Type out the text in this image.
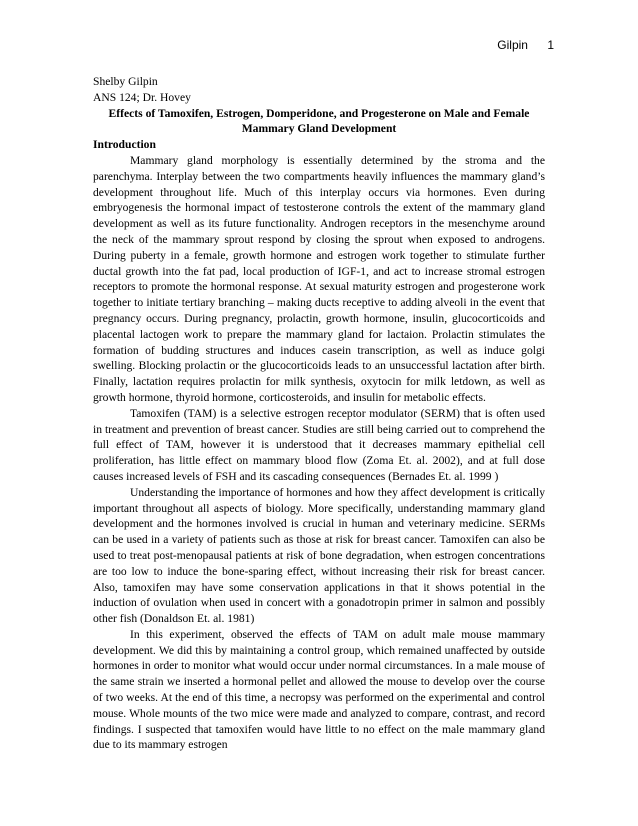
Gilpin 1
Shelby Gilpin
ANS 124; Dr. Hovey
Effects of Tamoxifen, Estrogen, Domperidone, and Progesterone on Male and Female Mammary Gland Development
Introduction

Mammary gland morphology is essentially determined by the stroma and the parenchyma. Interplay between the two compartments heavily influences the mammary gland’s development throughout life. Much of this interplay occurs via hormones. Even during embryogenesis the hormonal impact of testosterone controls the extent of the mammary gland development as well as its future functionality. Androgen receptors in the mesenchyme around the neck of the mammary sprout respond by closing the sprout when exposed to androgens. During puberty in a female, growth hormone and estrogen work together to stimulate further ductal growth into the fat pad, local production of IGF-1, and act to increase stromal estrogen receptors to promote the hormonal response. At sexual maturity estrogen and progesterone work together to initiate tertiary branching – making ducts receptive to adding alveoli in the event that pregnancy occurs. During pregnancy, prolactin, growth hormone, insulin, glucocorticoids and placental lactogen work to prepare the mammary gland for lactaion. Prolactin stimulates the formation of budding structures and induces casein transcription, as well as induce golgi swelling. Blocking prolactin or the glucocorticoids leads to an unsuccessful lactation after birth. Finally, lactation requires prolactin for milk synthesis, oxytocin for milk letdown, as well as growth hormone, thyroid hormone, corticosteroids, and insulin for metabolic effects.

Tamoxifen (TAM) is a selective estrogen receptor modulator (SERM) that is often used in treatment and prevention of breast cancer. Studies are still being carried out to comprehend the full effect of TAM, however it is understood that it decreases mammary epithelial cell proliferation, has little effect on mammary blood flow (Zoma Et. al. 2002), and at full dose causes increased levels of FSH and its cascading consequences (Bernades Et. al. 1999 )

Understanding the importance of hormones and how they affect development is critically important throughout all aspects of biology. More specifically, understanding mammary gland development and the hormones involved is crucial in human and veterinary medicine. SERMs can be used in a variety of patients such as those at risk for breast cancer. Tamoxifen can also be used to treat post-menopausal patients at risk of bone degradation, when estrogen concentrations are too low to induce the bone-sparing effect, without increasing their risk for breast cancer. Also, tamoxifen may have some conservation applications in that it shows potential in the induction of ovulation when used in concert with a gonadotropin primer in salmon and possibly other fish (Donaldson Et. al. 1981)

In this experiment, observed the effects of TAM on adult male mouse mammary development. We did this by maintaining a control group, which remained unaffected by outside hormones in order to monitor what would occur under normal circumstances. In a male mouse of the same strain we inserted a hormonal pellet and allowed the mouse to develop over the course of two weeks. At the end of this time, a necropsy was performed on the experimental and control mouse. Whole mounts of the two mice were made and analyzed to compare, contrast, and record findings. I suspected that tamoxifen would have little to no effect on the male mammary gland due to its mammary estrogen
